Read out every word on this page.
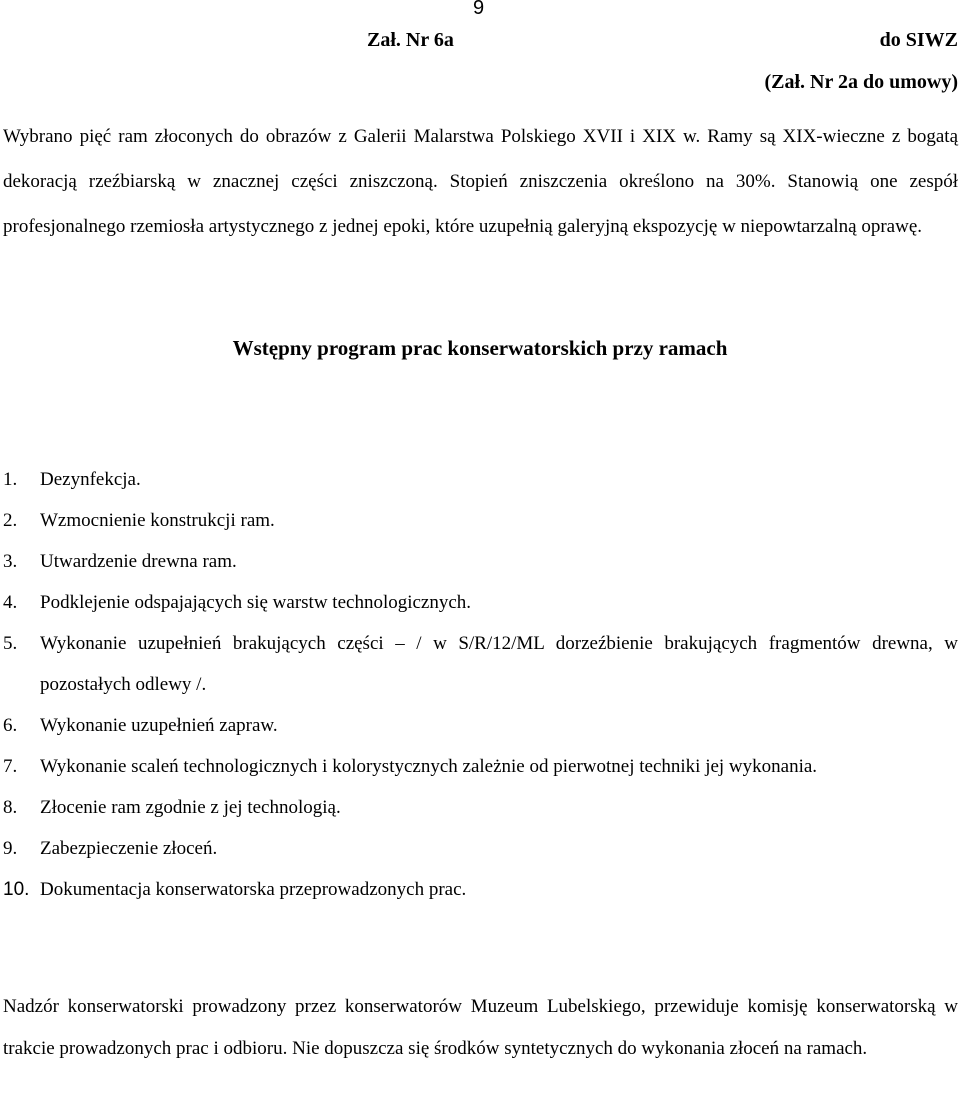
9
Zał. Nr 6a	do SIWZ
(Zał. Nr 2a do umowy)

Wybrano pięć ram złoconych do obrazów z Galerii Malarstwa Polskiego XVII i XIX w. Ramy są XIX-wieczne z bogatą dekoracją rzeźbiarską w znacznej części zniszczoną. Stopień zniszczenia określono na 30%. Stanowią one zespół profesjonalnego rzemiosła artystycznego z jednej epoki, które uzupełnią galeryjną ekspozycję w niepowtarzalną oprawę.

Wstępny program prac konserwatorskich przy ramach
1. Dezynfekcja.
2. Wzmocnienie konstrukcji ram.
3. Utwardzenie drewna ram.
4. Podklejenie odspajających się warstw technologicznych.
5. Wykonanie uzupełnień brakujących części – / w S/R/12/ML dorzeźbienie brakujących fragmentów drewna, w pozostałych odlewy /.
6. Wykonanie uzupełnień zapraw.
7. Wykonanie scaleń technologicznych i kolorystycznych zależnie od pierwotnej techniki jej wykonania.
8. Złocenie ram zgodnie z jej technologią.
9. Zabezpieczenie złoceń.
10. Dokumentacja konserwatorska przeprowadzonych prac.

Nadzór konserwatorski prowadzony przez konserwatorów Muzeum Lubelskiego, przewiduje komisję konserwatorską w trakcie prowadzonych prac i odbioru. Nie dopuszcza się środków syntetycznych do wykonania złoceń na ramach.
